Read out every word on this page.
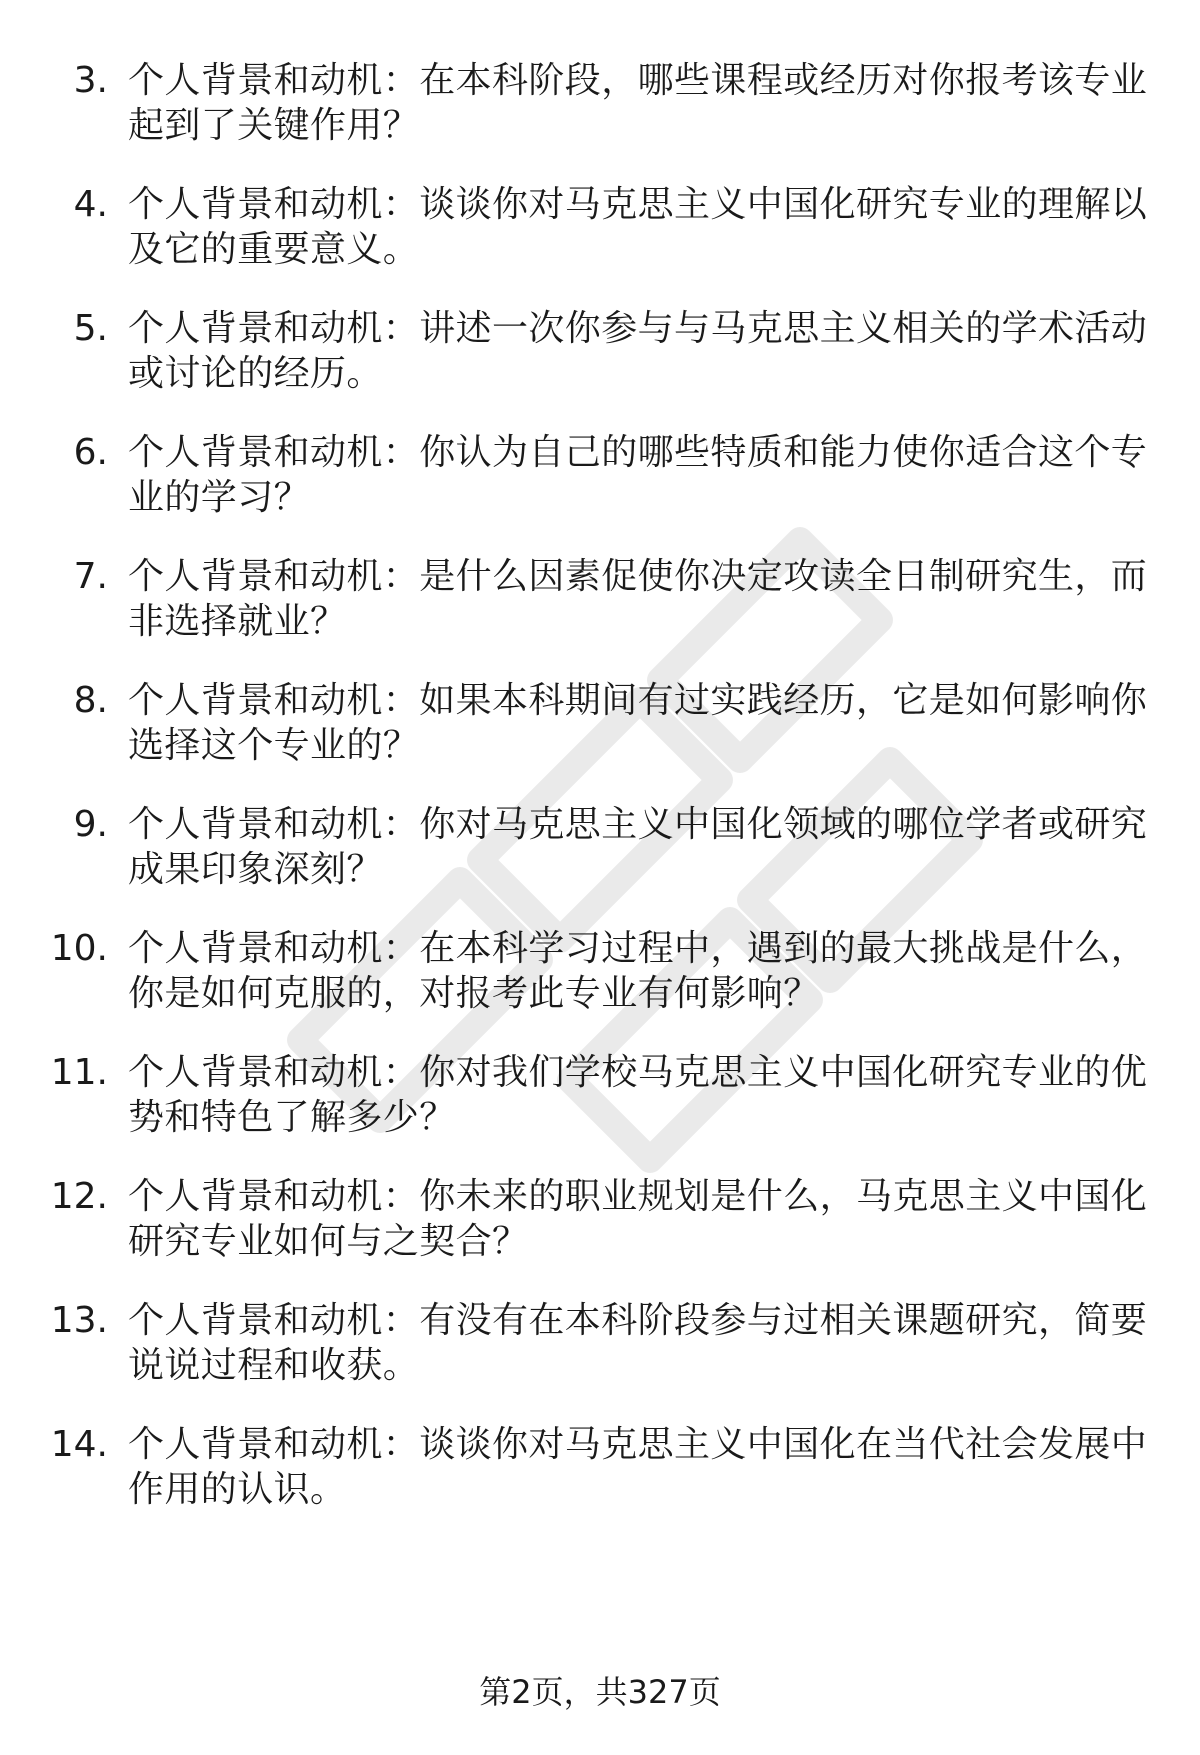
3. 个人背景和动机：在本科阶段，哪些课程或经历对你报考该专业起到了关键作用？
4. 个人背景和动机：谈谈你对马克思主义中国化研究专业的理解以及它的重要意义。
5. 个人背景和动机：讲述一次你参与与马克思主义相关的学术活动或讨论的经历。
6. 个人背景和动机：你认为自己的哪些特质和能力使你适合这个专业的学习？
7. 个人背景和动机：是什么因素促使你决定攻读全日制研究生，而非选择就业？
8. 个人背景和动机：如果本科期间有过实践经历，它是如何影响你选择这个专业的？
9. 个人背景和动机：你对马克思主义中国化领域的哪位学者或研究成果印象深刻？
10. 个人背景和动机：在本科学习过程中，遇到的最大挑战是什么，你是如何克服的，对报考此专业有何影响？
11. 个人背景和动机：你对我们学校马克思主义中国化研究专业的优势和特色了解多少？
12. 个人背景和动机：你未来的职业规划是什么，马克思主义中国化研究专业如何与之契合？
13. 个人背景和动机：有没有在本科阶段参与过相关课题研究，简要说说过程和收获。
14. 个人背景和动机：谈谈你对马克思主义中国化在当代社会发展中作用的认识。
第2页，共327页
